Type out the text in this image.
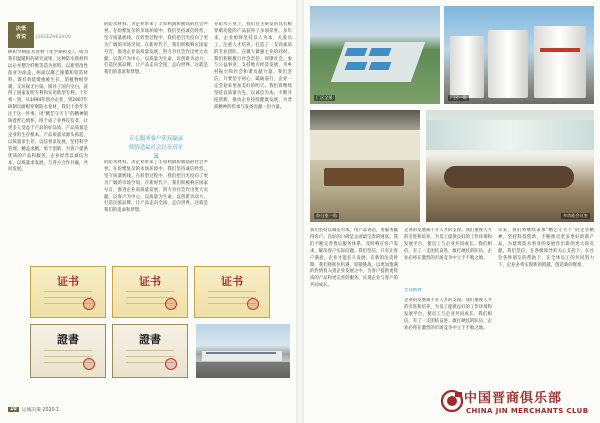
决策
者说	JUECEZHESHUO
树积学树防水食材（化学期积室）。成为我们温暖积的研究成果，这种防水新材料以后并整合纤维等造为原料，以新型改性沥青为涂盖，两面以聚乙烯膜和铝箔材料，既有效延缓植被生长、防植物根穿刺，又环保无污染。填补了国内空白，获得了国家发明专利和实用新型专利。十年将一到，从1994年创办企业，到2007年研制出耐根穿刺防水卷材，我们十余年专注于这一件事。用“精艺守天下”的精神锻铸着匠心情怀，终于成了业界佼佼者，让更多人受益于产品的好品质。产品质量是企业的生存根本。产品质量从源头抓起，以质量求生存，以信誉求发展，坚持科学管理，精益求精，勇于创新，为客户提供优质的产品和服务。企业经营以诚信为本，以质量求发展，与各方合作共赢，共同发展。
的防水材料。为企业带来了丰厚利润和极高的社会声誉。在纷繁复杂的市场环境中，我们坚持诚信经营，坚守质量底线。在转型过程中，我们把目光投向了更为广阔的市场空间。在新时代下，我们积极响应国家号召，推进企业高质量发展，努力为社会作出更大贡献。以客户为中心，以质量为生命，以创新为动力，打造民族品牌，让产品走向全国，走向世界。这就是我们的追求和梦想。
专心服务客户获双赢承
续情造福社会以至真至诚
的防水材料。为企业带来了丰厚利润和极高的社会声誉。在纷繁复杂的市场环境中，我们坚持诚信经营，坚守质量底线。在转型过程中，我们把目光投向了更为广阔的市场空间。在新时代下，我们积极响应国家号召，推进企业高质量发展，努力为社会作出更大贡献。以客户为中心，以质量为生命，以创新为动力，打造民族品牌，让产品走向全国，走向世界。这就是我们的追求和梦想。
在防水王业上，我们目主研发的具有根穿刺功能的产品获得了多项荣誉。多年来，企业始终坚持以人为本，关爱员工，注重人才培养，打造了一支高素质的专业团队。在做大做强主业的同时，我们积极履行社会责任，回馈社会，参与公益事业，支持地方经济发展，为乡村振兴和社会和谐贡献力量。我们坚信，只要坚守初心、砥砺前行，企业一定会迎来更加美好的明天。我们将继续坚持以质量为先、以诚信为本，不断开拓创新，推动企业持续健康发展，为晋商精神的传承与发扬贡献一份力量。
证书	证书	证书
證書	證書
10	运城决策 2020·1
厂区全景	厂区一角
办公室一角	多功能会议室
我们坚持以诚信为本，用产品说话，用服务赢得客户。良好的口碑是企业最宝贵的财富。我们不断完善售后服务体系，及时响应客户需求，解决客户实际问题。我们坚信，只有让客户满意，企业才能长久发展。在新的历史时期，我们将抓住机遇，迎接挑战，以更加饱满的热情投入到企业发展之中，为客户提供更优质的产品和更完善的服务，实现企业与客户的共同成长。
企业的发展离不开人才的支撑。我们重视人才的引进和培养，为员工提供良好的工作环境和发展平台，使员工与企业共同成长。我们相信，有了一支团结奋进、敢打硬仗的队伍，企业必将在激烈的市场竞争中立于不败之地。
晋商精神
企业的发展离不开人才的支撑。我们重视人才的引进和培养，为员工提供良好的工作环境和发展平台，使员工与企业共同成长。我们相信，有了一支团结奋进、敢打硬仗的队伍，企业必将在激烈的市场竞争中立于不败之地。
未来，我们将继续秉承“精艺守天下”的企业精神，坚持科技创新，不断推出更多更好的新产品，为建筑防水事业的发展作出新的更大的贡献。我们坚信，在各级领导的关心支持下，在社会各界朋友的帮助下，在全体员工的共同努力下，企业必将实现新的跨越，创造新的辉煌。
中国晋商俱乐部
CHINA JIN MERCHANTS CLUB
